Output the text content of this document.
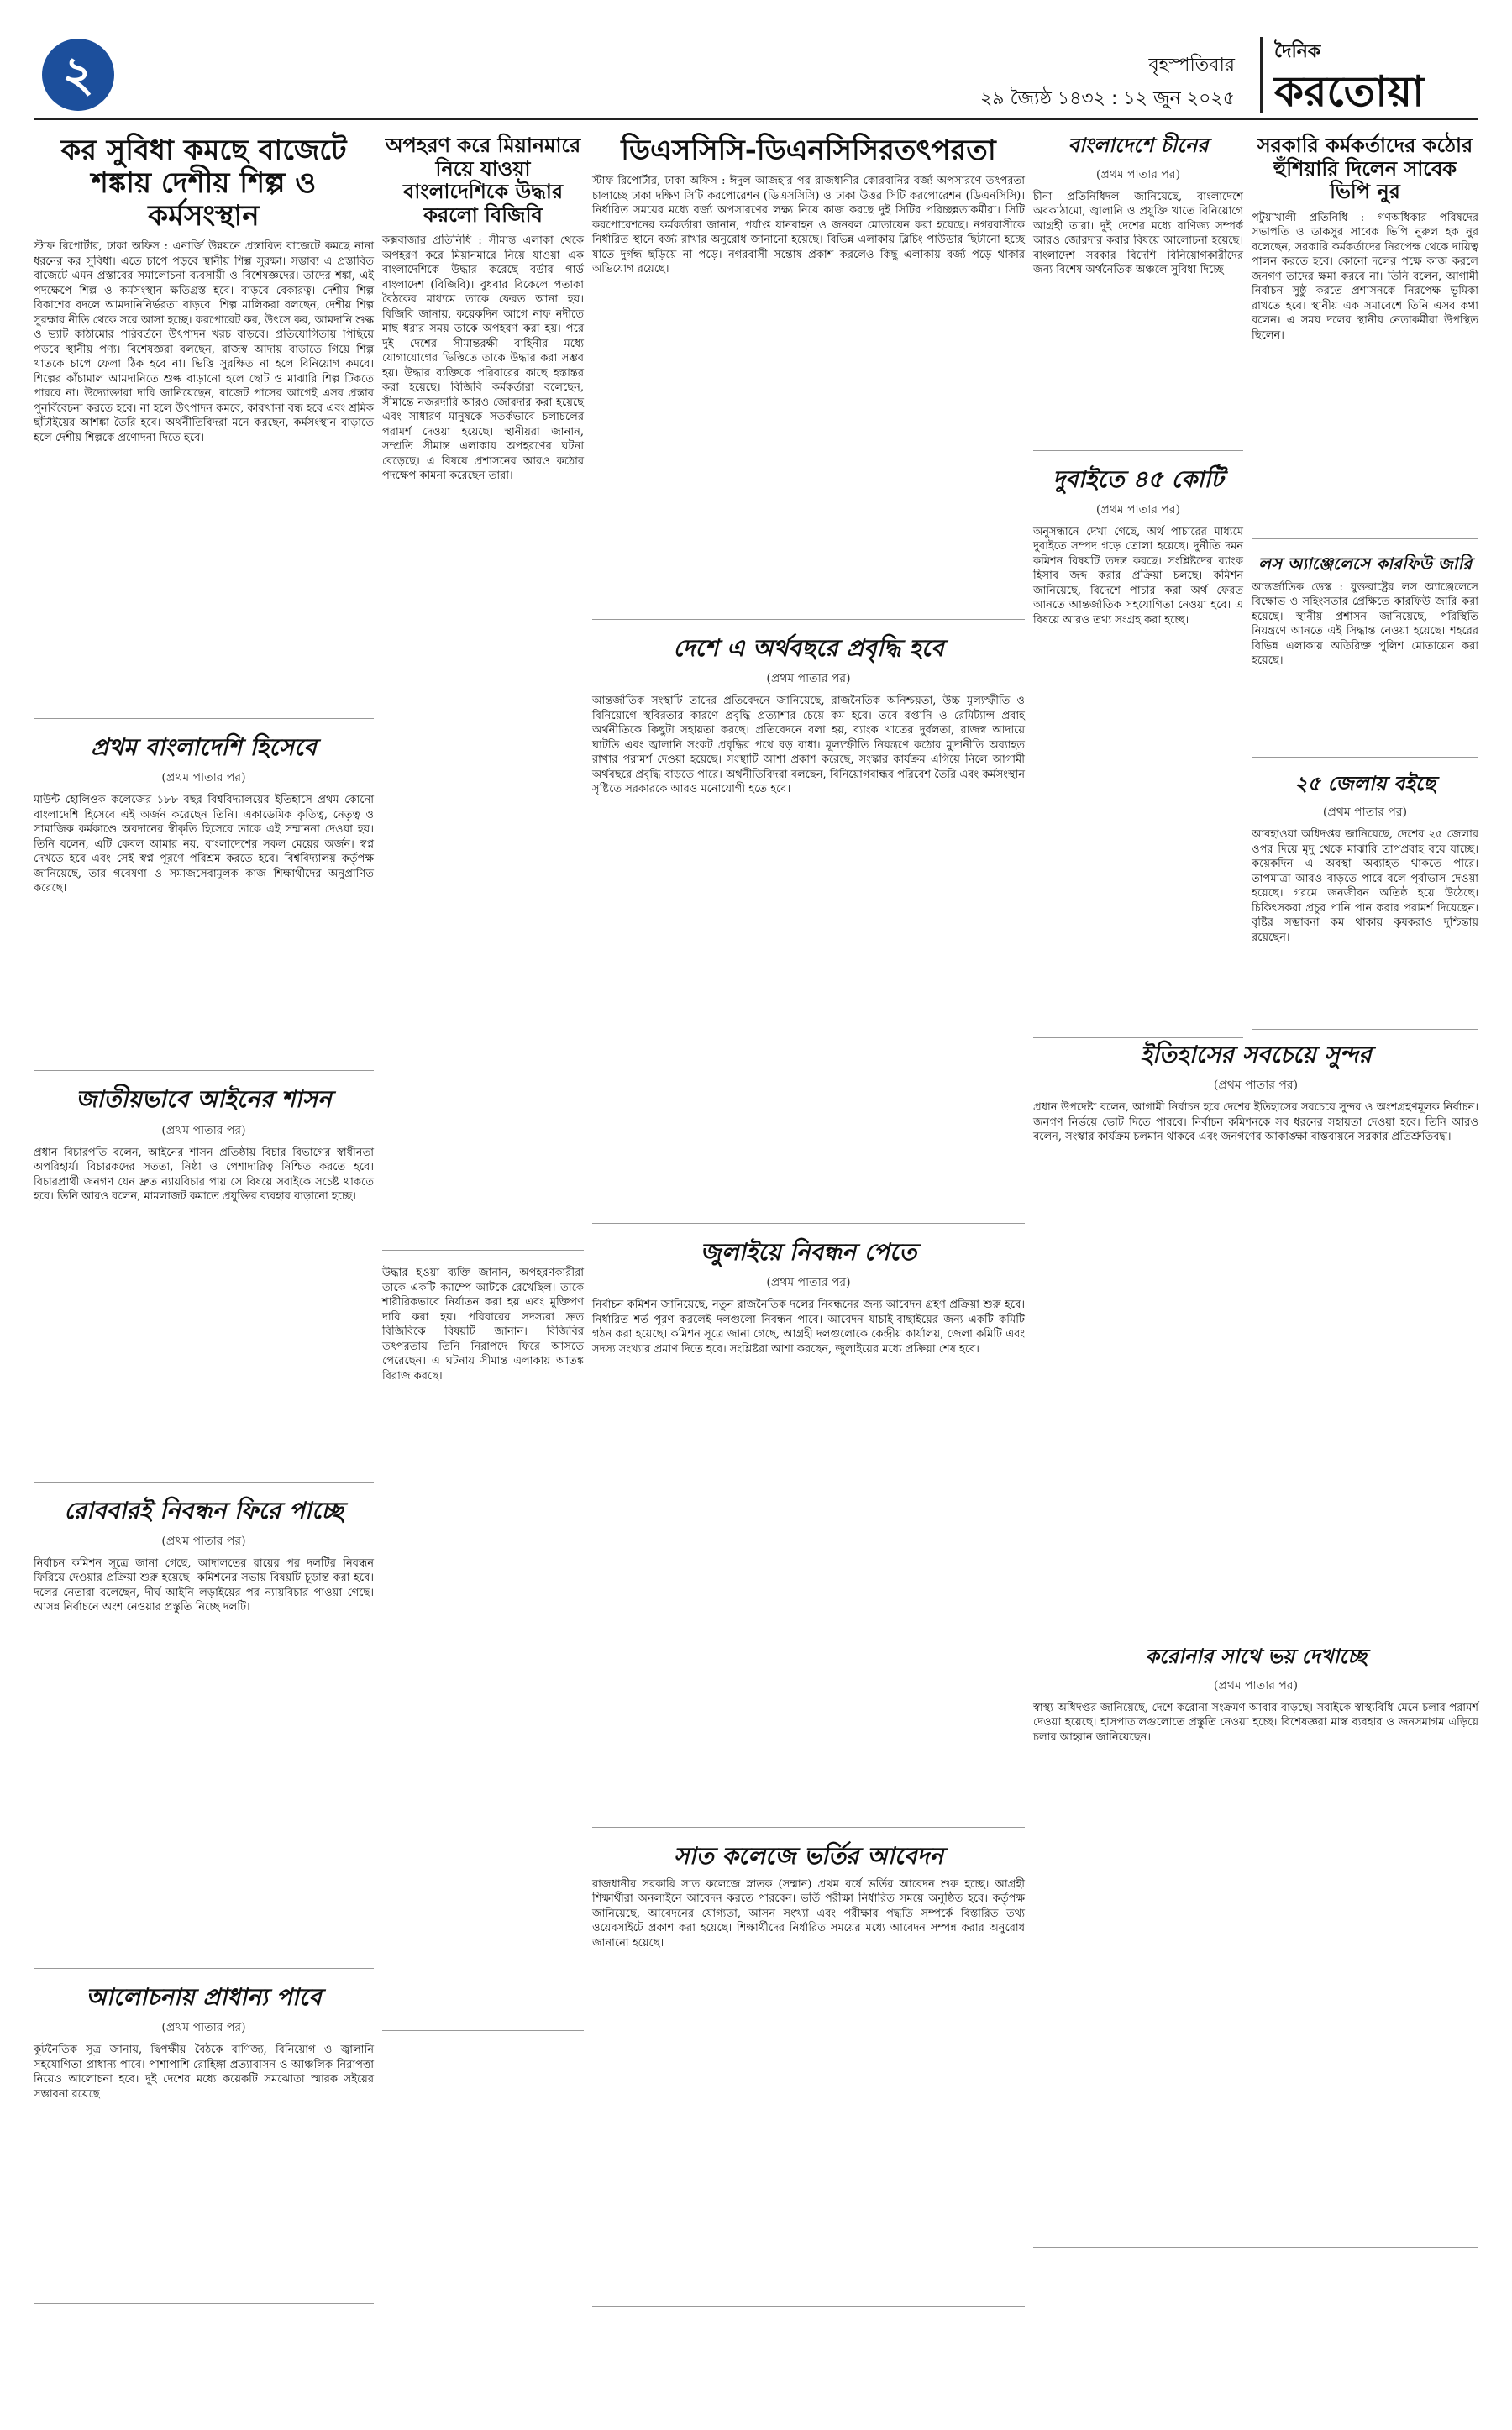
২	বৃহস্পতিবার
২৯ জ্যৈষ্ঠ ১৪৩২ : ১২ জুন ২০২৫
দৈনিক
করতোয়া
কর সুবিধা কমছে বাজেটে শঙ্কায় দেশীয় শিল্প ও কর্মসংস্থান

স্টাফ রিপোর্টার, ঢাকা অফিস : এনার্জি উন্নয়নে প্রস্তাবিত বাজেটে কমছে নানা ধরনের কর সুবিধা। এতে চাপে পড়বে স্থানীয় শিল্প সুরক্ষা। সম্ভাব্য এ প্রস্তাবিত বাজেটে এমন প্রস্তাবের সমালোচনা ব্যবসায়ী ও বিশেষজ্ঞদের। তাদের শঙ্কা, এই পদক্ষেপে শিল্প ও কর্মসংস্থান ক্ষতিগ্রস্ত হবে। বাড়বে বেকারত্ব। দেশীয় শিল্প বিকাশের বদলে আমদানিনির্ভরতা বাড়বে। শিল্প মালিকরা বলছেন, দেশীয় শিল্প সুরক্ষার নীতি থেকে সরে আসা হচ্ছে। করপোরেট কর, উৎসে কর, আমদানি শুল্ক ও ভ্যাট কাঠামোর পরিবর্তনে উৎপাদন খরচ বাড়বে। প্রতিযোগিতায় পিছিয়ে পড়বে স্থানীয় পণ্য। বিশেষজ্ঞরা বলছেন, রাজস্ব আদায় বাড়াতে গিয়ে শিল্প খাতকে চাপে ফেলা ঠিক হবে না। ভিত্তি সুরক্ষিত না হলে বিনিয়োগ কমবে। শিল্পের কাঁচামাল আমদানিতে শুল্ক বাড়ানো হলে ছোট ও মাঝারি শিল্প টিকতে পারবে না। উদ্যোক্তারা দাবি জানিয়েছেন, বাজেট পাসের আগেই এসব প্রস্তাব পুনর্বিবেচনা করতে হবে। না হলে উৎপাদন কমবে, কারখানা বন্ধ হবে এবং শ্রমিক ছাঁটাইয়ের আশঙ্কা তৈরি হবে। অর্থনীতিবিদরা মনে করছেন, কর্মসংস্থান বাড়াতে হলে দেশীয় শিল্পকে প্রণোদনা দিতে হবে।

প্রথম বাংলাদেশি হিসেবে

(প্রথম পাতার পর)

মাউন্ট হোলিওক কলেজের ১৮৮ বছর বিশ্ববিদ্যালয়ের ইতিহাসে প্রথম কোনো বাংলাদেশি হিসেবে এই অর্জন করেছেন তিনি। একাডেমিক কৃতিত্ব, নেতৃত্ব ও সামাজিক কর্মকাণ্ডে অবদানের স্বীকৃতি হিসেবে তাকে এই সম্মাননা দেওয়া হয়। তিনি বলেন, এটি কেবল আমার নয়, বাংলাদেশের সকল মেয়ের অর্জন। স্বপ্ন দেখতে হবে এবং সেই স্বপ্ন পূরণে পরিশ্রম করতে হবে। বিশ্ববিদ্যালয় কর্তৃপক্ষ জানিয়েছে, তার গবেষণা ও সমাজসেবামূলক কাজ শিক্ষার্থীদের অনুপ্রাণিত করেছে।

জাতীয়ভাবে আইনের শাসন

(প্রথম পাতার পর)

প্রধান বিচারপতি বলেন, আইনের শাসন প্রতিষ্ঠায় বিচার বিভাগের স্বাধীনতা অপরিহার্য। বিচারকদের সততা, নিষ্ঠা ও পেশাদারিত্ব নিশ্চিত করতে হবে। বিচারপ্রার্থী জনগণ যেন দ্রুত ন্যায়বিচার পায় সে বিষয়ে সবাইকে সচেষ্ট থাকতে হবে। তিনি আরও বলেন, মামলাজট কমাতে প্রযুক্তির ব্যবহার বাড়ানো হচ্ছে।

রোববারই নিবন্ধন ফিরে পাচ্ছে

(প্রথম পাতার পর)

নির্বাচন কমিশন সূত্রে জানা গেছে, আদালতের রায়ের পর দলটির নিবন্ধন ফিরিয়ে দেওয়ার প্রক্রিয়া শুরু হয়েছে। কমিশনের সভায় বিষয়টি চূড়ান্ত করা হবে। দলের নেতারা বলেছেন, দীর্ঘ আইনি লড়াইয়ের পর ন্যায়বিচার পাওয়া গেছে। আসন্ন নির্বাচনে অংশ নেওয়ার প্রস্তুতি নিচ্ছে দলটি।

আলোচনায় প্রাধান্য পাবে

(প্রথম পাতার পর)

কূটনৈতিক সূত্র জানায়, দ্বিপক্ষীয় বৈঠকে বাণিজ্য, বিনিয়োগ ও জ্বালানি সহযোগিতা প্রাধান্য পাবে। পাশাপাশি রোহিঙ্গা প্রত্যাবাসন ও আঞ্চলিক নিরাপত্তা নিয়েও আলোচনা হবে। দুই দেশের মধ্যে কয়েকটি সমঝোতা স্মারক সইয়ের সম্ভাবনা রয়েছে।

অপহরণ করে মিয়ানমারে নিয়ে যাওয়া বাংলাদেশিকে উদ্ধার করলো বিজিবি

কক্সবাজার প্রতিনিধি : সীমান্ত এলাকা থেকে অপহরণ করে মিয়ানমারে নিয়ে যাওয়া এক বাংলাদেশিকে উদ্ধার করেছে বর্ডার গার্ড বাংলাদেশ (বিজিবি)। বুধবার বিকেলে পতাকা বৈঠকের মাধ্যমে তাকে ফেরত আনা হয়। বিজিবি জানায়, কয়েকদিন আগে নাফ নদীতে মাছ ধরার সময় তাকে অপহরণ করা হয়। পরে দুই দেশের সীমান্তরক্ষী বাহিনীর মধ্যে যোগাযোগের ভিত্তিতে তাকে উদ্ধার করা সম্ভব হয়। উদ্ধার ব্যক্তিকে পরিবারের কাছে হস্তান্তর করা হয়েছে। বিজিবি কর্মকর্তারা বলেছেন, সীমান্তে নজরদারি আরও জোরদার করা হয়েছে এবং সাধারণ মানুষকে সতর্কভাবে চলাচলের পরামর্শ দেওয়া হয়েছে। স্থানীয়রা জানান, সম্প্রতি সীমান্ত এলাকায় অপহরণের ঘটনা বেড়েছে। এ বিষয়ে প্রশাসনের আরও কঠোর পদক্ষেপ কামনা করেছেন তারা।

উদ্ধার হওয়া ব্যক্তি জানান, অপহরণকারীরা তাকে একটি ক্যাম্পে আটকে রেখেছিল। তাকে শারীরিকভাবে নির্যাতন করা হয় এবং মুক্তিপণ দাবি করা হয়। পরিবারের সদস্যরা দ্রুত বিজিবিকে বিষয়টি জানান। বিজিবির তৎপরতায় তিনি নিরাপদে ফিরে আসতে পেরেছেন। এ ঘটনায় সীমান্ত এলাকায় আতঙ্ক বিরাজ করছে।

ডিএসসিসি-ডিএনসিসিরতৎপরতা

স্টাফ রিপোর্টার, ঢাকা অফিস : ঈদুল আজহার পর রাজধানীর কোরবানির বর্জ্য অপসারণে তৎপরতা চালাচ্ছে ঢাকা দক্ষিণ সিটি করপোরেশন (ডিএসসিসি) ও ঢাকা উত্তর সিটি করপোরেশন (ডিএনসিসি)। নির্ধারিত সময়ের মধ্যে বর্জ্য অপসারণের লক্ষ্য নিয়ে কাজ করছে দুই সিটির পরিচ্ছন্নতাকর্মীরা। সিটি করপোরেশনের কর্মকর্তারা জানান, পর্যাপ্ত যানবাহন ও জনবল মোতায়েন করা হয়েছে। নগরবাসীকে নির্ধারিত স্থানে বর্জ্য রাখার অনুরোধ জানানো হয়েছে। বিভিন্ন এলাকায় ব্লিচিং পাউডার ছিটানো হচ্ছে যাতে দুর্গন্ধ ছড়িয়ে না পড়ে। নগরবাসী সন্তোষ প্রকাশ করলেও কিছু এলাকায় বর্জ্য পড়ে থাকার অভিযোগ রয়েছে।

দেশে এ অর্থবছরে প্রবৃদ্ধি হবে

(প্রথম পাতার পর)

আন্তর্জাতিক সংস্থাটি তাদের প্রতিবেদনে জানিয়েছে, রাজনৈতিক অনিশ্চয়তা, উচ্চ মূল্যস্ফীতি ও বিনিয়োগে স্থবিরতার কারণে প্রবৃদ্ধি প্রত্যাশার চেয়ে কম হবে। তবে রপ্তানি ও রেমিট্যান্স প্রবাহ অর্থনীতিকে কিছুটা সহায়তা করছে। প্রতিবেদনে বলা হয়, ব্যাংক খাতের দুর্বলতা, রাজস্ব আদায়ে ঘাটতি এবং জ্বালানি সংকট প্রবৃদ্ধির পথে বড় বাধা। মূল্যস্ফীতি নিয়ন্ত্রণে কঠোর মুদ্রানীতি অব্যাহত রাখার পরামর্শ দেওয়া হয়েছে। সংস্থাটি আশা প্রকাশ করেছে, সংস্কার কার্যক্রম এগিয়ে নিলে আগামী অর্থবছরে প্রবৃদ্ধি বাড়তে পারে। অর্থনীতিবিদরা বলছেন, বিনিয়োগবান্ধব পরিবেশ তৈরি এবং কর্মসংস্থান সৃষ্টিতে সরকারকে আরও মনোযোগী হতে হবে।

জুলাইয়ে নিবন্ধন পেতে

(প্রথম পাতার পর)

নির্বাচন কমিশন জানিয়েছে, নতুন রাজনৈতিক দলের নিবন্ধনের জন্য আবেদন গ্রহণ প্রক্রিয়া শুরু হবে। নির্ধারিত শর্ত পূরণ করলেই দলগুলো নিবন্ধন পাবে। আবেদন যাচাই-বাছাইয়ের জন্য একটি কমিটি গঠন করা হয়েছে। কমিশন সূত্রে জানা গেছে, আগ্রহী দলগুলোকে কেন্দ্রীয় কার্যালয়, জেলা কমিটি এবং সদস্য সংখ্যার প্রমাণ দিতে হবে। সংশ্লিষ্টরা আশা করছেন, জুলাইয়ের মধ্যে প্রক্রিয়া শেষ হবে।

সাত কলেজে ভর্তির আবেদন

রাজধানীর সরকারি সাত কলেজে স্নাতক (সম্মান) প্রথম বর্ষে ভর্তির আবেদন শুরু হচ্ছে। আগ্রহী শিক্ষার্থীরা অনলাইনে আবেদন করতে পারবেন। ভর্তি পরীক্ষা নির্ধারিত সময়ে অনুষ্ঠিত হবে। কর্তৃপক্ষ জানিয়েছে, আবেদনের যোগ্যতা, আসন সংখ্যা এবং পরীক্ষার পদ্ধতি সম্পর্কে বিস্তারিত তথ্য ওয়েবসাইটে প্রকাশ করা হয়েছে। শিক্ষার্থীদের নির্ধারিত সময়ের মধ্যে আবেদন সম্পন্ন করার অনুরোধ জানানো হয়েছে।

বাংলাদেশে চীনের

(প্রথম পাতার পর)

চীনা প্রতিনিধিদল জানিয়েছে, বাংলাদেশে অবকাঠামো, জ্বালানি ও প্রযুক্তি খাতে বিনিয়োগে আগ্রহী তারা। দুই দেশের মধ্যে বাণিজ্য সম্পর্ক আরও জোরদার করার বিষয়ে আলোচনা হয়েছে। বাংলাদেশ সরকার বিদেশি বিনিয়োগকারীদের জন্য বিশেষ অর্থনৈতিক অঞ্চলে সুবিধা দিচ্ছে।

দুবাইতে ৪৫ কোটি

(প্রথম পাতার পর)

অনুসন্ধানে দেখা গেছে, অর্থ পাচারের মাধ্যমে দুবাইতে সম্পদ গড়ে তোলা হয়েছে। দুর্নীতি দমন কমিশন বিষয়টি তদন্ত করছে। সংশ্লিষ্টদের ব্যাংক হিসাব জব্দ করার প্রক্রিয়া চলছে। কমিশন জানিয়েছে, বিদেশে পাচার করা অর্থ ফেরত আনতে আন্তর্জাতিক সহযোগিতা নেওয়া হবে। এ বিষয়ে আরও তথ্য সংগ্রহ করা হচ্ছে।

ইতিহাসের সবচেয়ে সুন্দর

(প্রথম পাতার পর)

প্রধান উপদেষ্টা বলেন, আগামী নির্বাচন হবে দেশের ইতিহাসের সবচেয়ে সুন্দর ও অংশগ্রহণমূলক নির্বাচন। জনগণ নির্ভয়ে ভোট দিতে পারবে। নির্বাচন কমিশনকে সব ধরনের সহায়তা দেওয়া হবে। তিনি আরও বলেন, সংস্কার কার্যক্রম চলমান থাকবে এবং জনগণের আকাঙ্ক্ষা বাস্তবায়নে সরকার প্রতিশ্রুতিবদ্ধ।

করোনার সাথে ভয় দেখাচ্ছে

(প্রথম পাতার পর)

স্বাস্থ্য অধিদপ্তর জানিয়েছে, দেশে করোনা সংক্রমণ আবার বাড়ছে। সবাইকে স্বাস্থ্যবিধি মেনে চলার পরামর্শ দেওয়া হয়েছে। হাসপাতালগুলোতে প্রস্তুতি নেওয়া হচ্ছে। বিশেষজ্ঞরা মাস্ক ব্যবহার ও জনসমাগম এড়িয়ে চলার আহ্বান জানিয়েছেন।

সরকারি কর্মকর্তাদের কঠোর হুঁশিয়ারি দিলেন সাবেক ভিপি নুর

পটুয়াখালী প্রতিনিধি : গণঅধিকার পরিষদের সভাপতি ও ডাকসুর সাবেক ভিপি নুরুল হক নুর বলেছেন, সরকারি কর্মকর্তাদের নিরপেক্ষ থেকে দায়িত্ব পালন করতে হবে। কোনো দলের পক্ষে কাজ করলে জনগণ তাদের ক্ষমা করবে না। তিনি বলেন, আগামী নির্বাচন সুষ্ঠু করতে প্রশাসনকে নিরপেক্ষ ভূমিকা রাখতে হবে। স্থানীয় এক সমাবেশে তিনি এসব কথা বলেন। এ সময় দলের স্থানীয় নেতাকর্মীরা উপস্থিত ছিলেন।

লস অ্যাঞ্জেলেসে কারফিউ জারি

আন্তর্জাতিক ডেস্ক : যুক্তরাষ্ট্রের লস অ্যাঞ্জেলেসে বিক্ষোভ ও সহিংসতার প্রেক্ষিতে কারফিউ জারি করা হয়েছে। স্থানীয় প্রশাসন জানিয়েছে, পরিস্থিতি নিয়ন্ত্রণে আনতে এই সিদ্ধান্ত নেওয়া হয়েছে। শহরের বিভিন্ন এলাকায় অতিরিক্ত পুলিশ মোতায়েন করা হয়েছে।

২৫ জেলায় বইছে

(প্রথম পাতার পর)

আবহাওয়া অধিদপ্তর জানিয়েছে, দেশের ২৫ জেলার ওপর দিয়ে মৃদু থেকে মাঝারি তাপপ্রবাহ বয়ে যাচ্ছে। কয়েকদিন এ অবস্থা অব্যাহত থাকতে পারে। তাপমাত্রা আরও বাড়তে পারে বলে পূর্বাভাস দেওয়া হয়েছে। গরমে জনজীবন অতিষ্ঠ হয়ে উঠেছে। চিকিৎসকরা প্রচুর পানি পান করার পরামর্শ দিয়েছেন। বৃষ্টির সম্ভাবনা কম থাকায় কৃষকরাও দুশ্চিন্তায় রয়েছেন।
